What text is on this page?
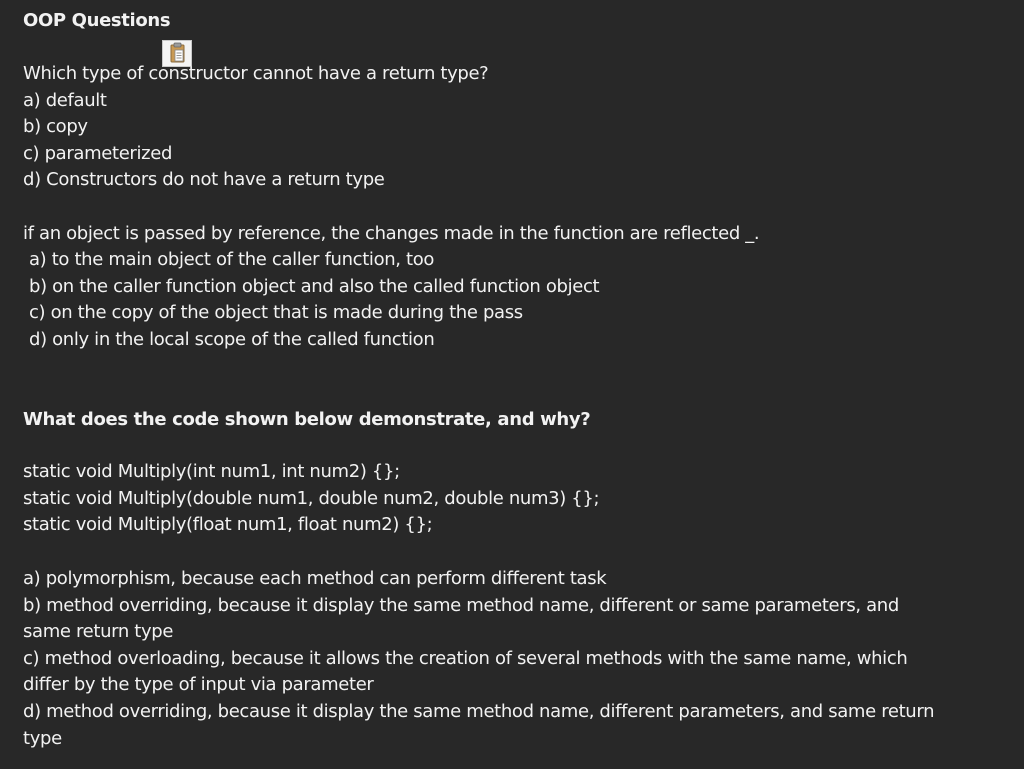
OOP Questions
Which type of constructor cannot have a return type?
a) default
b) copy
c) parameterized
d) Constructors do not have a return type
if an object is passed by reference, the changes made in the function are reflected _.
a) to the main object of the caller function, too
b) on the caller function object and also the called function object
c) on the copy of the object that is made during the pass
d) only in the local scope of the called function
What does the code shown below demonstrate, and why?
static void Multiply(int num1, int num2) {};
static void Multiply(double num1, double num2, double num3) {};
static void Multiply(float num1, float num2) {};
a) polymorphism, because each method can perform different task
b) method overriding, because it display the same method name, different or same parameters, and
same return type
c) method overloading, because it allows the creation of several methods with the same name, which
differ by the type of input via parameter
d) method overriding, because it display the same method name, different parameters, and same return
type
